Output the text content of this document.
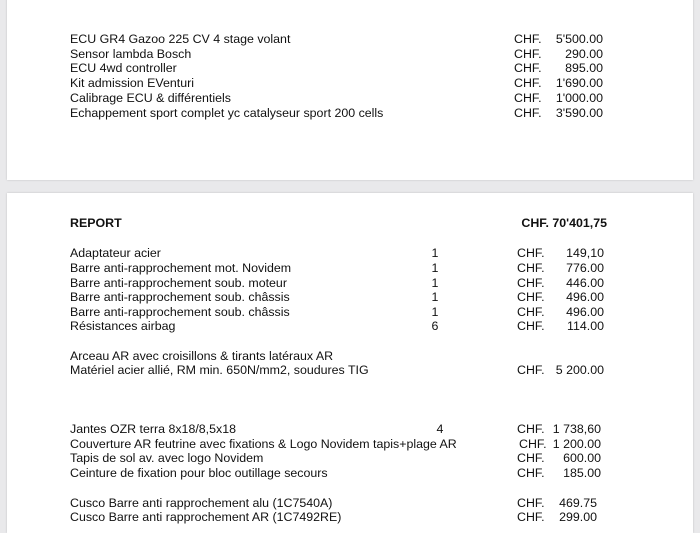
ECU GR4 Gazoo 225 CV 4 stage volant	CHF. 5'500.00
Sensor lambda Bosch	CHF. 290.00
ECU 4wd controller	CHF. 895.00
Kit admission EVenturi	CHF. 1'690.00
Calibrage ECU & différentiels	CHF. 1'000.00
Echappement sport complet yc catalyseur sport 200 cells	CHF. 3'590.00
REPORT	CHF. 70'401,75
Adaptateur acier	1	CHF. 149,10
Barre anti-rapprochement mot. Novidem	1	CHF. 776.00
Barre anti-rapprochement soub. moteur	1	CHF. 446.00
Barre anti-rapprochement soub. châssis	1	CHF. 496.00
Barre anti-rapprochement soub. châssis	1	CHF. 496.00
Résistances airbag	6	CHF. 114.00
Arceau AR avec croisillons & tirants latéraux AR
Matériel acier allié, RM min. 650N/mm2, soudures TIG	CHF. 5 200.00
Jantes OZR terra 8x18/8,5x18	4	CHF. 1 738,60
Couverture AR feutrine avec fixations & Logo Novidem tapis+plage AR	CHF. 1 200.00
Tapis de sol av. avec logo Novidem	CHF. 600.00
Ceinture de fixation pour bloc outillage secours	CHF. 185.00
Cusco Barre anti rapprochement alu (1C7540A)	CHF. 469.75
Cusco Barre anti rapprochement AR (1C7492RE)	CHF. 299.00
